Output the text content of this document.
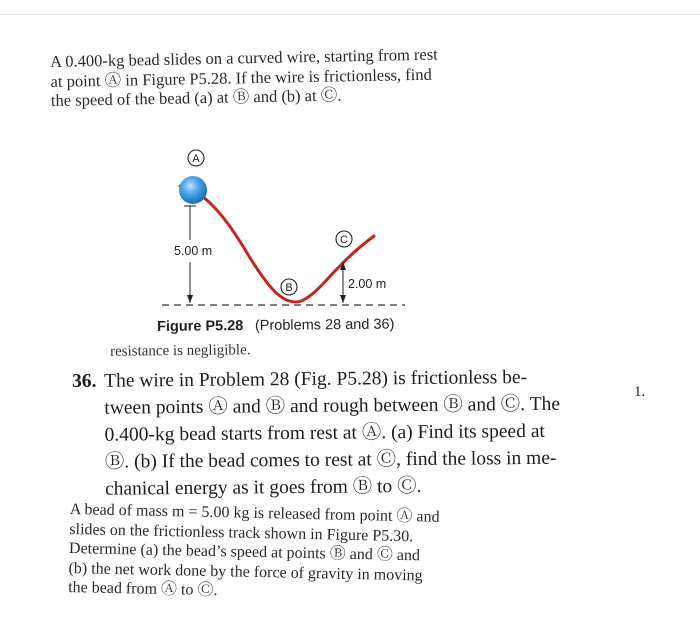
A 0.400-kg bead slides on a curved wire, starting from rest

at point Ⓐ in Figure P5.28. If the wire is frictionless, find

the speed of the bead (a) at Ⓑ and (b) at Ⓒ.

A
5.00 m
B
C
2.00 m
Figure P5.28 (Problems 28 and 36)
resistance is negligible.
36. The wire in Problem 28 (Fig. P5.28) is frictionless be-
tween points Ⓐ and Ⓑ and rough between Ⓑ and Ⓒ. The
0.400-kg bead starts from rest at Ⓐ. (a) Find its speed at
Ⓑ. (b) If the bead comes to rest at Ⓒ, find the loss in me-
chanical energy as it goes from Ⓑ to Ⓒ.
1.
A bead of mass m = 5.00 kg is released from point Ⓐ and
slides on the frictionless track shown in Figure P5.30.
Determine (a) the bead’s speed at points Ⓑ and Ⓒ and
(b) the net work done by the force of gravity in moving
the bead from Ⓐ to Ⓒ.
